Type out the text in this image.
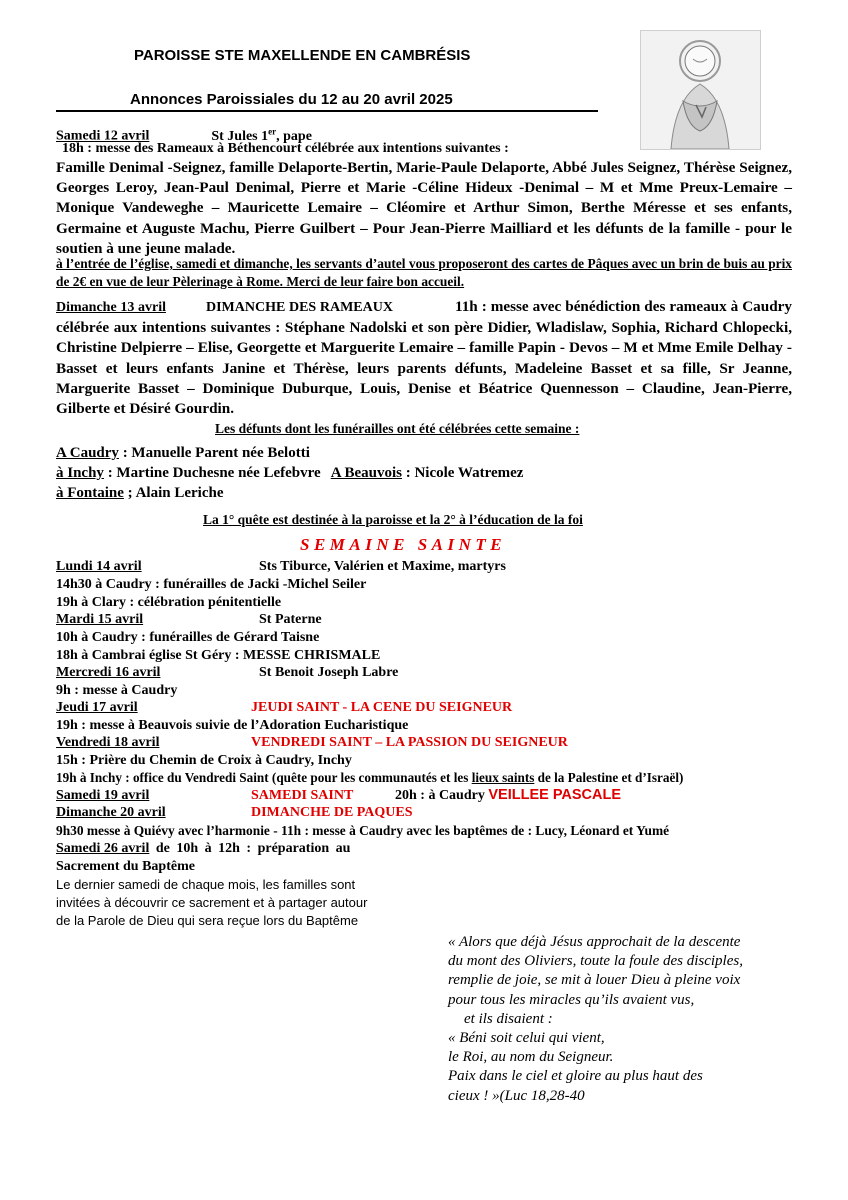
PAROISSE STE MAXELLENDE EN CAMBRÉSIS
Annonces Paroissiales du 12 au 20 avril 2025
Samedi 12 avril	St Jules 1er, pape
18h : messe des Rameaux à Béthencourt célébrée aux intentions suivantes :
Famille Denimal -Seignez, famille Delaporte-Bertin, Marie-Paule Delaporte, Abbé Jules Seignez, Thérèse Seignez, Georges Leroy, Jean-Paul Denimal, Pierre et Marie -Céline Hideux -Denimal – M et Mme Preux-Lemaire – Monique Vandeweghe – Mauricette Lemaire – Cléomire et Arthur Simon, Berthe Méresse et ses enfants, Germaine et Auguste Machu, Pierre Guilbert – Pour Jean-Pierre Mailliard et les défunts de la famille - pour le soutien à une jeune malade.
à l’entrée de l’église, samedi et dimanche, les servants d’autel vous proposeront des cartes de Pâques avec un brin de buis au prix de 2€ en vue de leur Pèlerinage à Rome. Merci de leur faire bon accueil.
Dimanche 13 avril	DIMANCHE DES RAMEAUX	11h : messe avec bénédiction des rameaux à Caudry célébrée aux intentions suivantes : Stéphane Nadolski et son père Didier, Wladislaw, Sophia, Richard Chlopecki, Christine Delpierre – Elise, Georgette et Marguerite Lemaire – famille Papin - Devos – M et Mme Emile Delhay -Basset et leurs enfants Janine et Thérèse, leurs parents défunts, Madeleine Basset et sa fille, Sr Jeanne, Marguerite Basset – Dominique Duburque, Louis, Denise et Béatrice Quennesson – Claudine, Jean-Pierre, Gilberte et Désiré Gourdin.
Les défunts dont les funérailles ont été célébrées cette semaine :
A Caudry : Manuelle Parent née Belotti
à Inchy : Martine Duchesne née Lefebvre A Beauvois : Nicole Watremez
à Fontaine ; Alain Leriche
La 1° quête est destinée à la paroisse et la 2° à l’éducation de la foi
SEMAINE SAINTE
Lundi 14 avril	Sts Tiburce, Valérien et Maxime, martyrs
14h30 à Caudry : funérailles de Jacki -Michel Seiler
19h à Clary : célébration pénitentielle
Mardi 15 avril	St Paterne
10h à Caudry : funérailles de Gérard Taisne
18h à Cambrai église St Géry : MESSE CHRISMALE
Mercredi 16 avril	St Benoit Joseph Labre
9h : messe à Caudry
Jeudi 17 avril	JEUDI SAINT - LA CENE DU SEIGNEUR
19h : messe à Beauvois suivie de l’Adoration Eucharistique
Vendredi 18 avril	VENDREDI SAINT – LA PASSION DU SEIGNEUR
15h : Prière du Chemin de Croix à Caudry, Inchy
19h à Inchy : office du Vendredi Saint (quête pour les communautés et les lieux saints de la Palestine et d’Israël)
Samedi 19 avril	SAMEDI SAINT	20h : à Caudry VEILLEE PASCALE
Dimanche 20 avril	DIMANCHE DE PAQUES
9h30 messe à Quiévy avec l’harmonie - 11h : messe à Caudry avec les baptêmes de : Lucy, Léonard et Yumé
Samedi 26 avril de 10h à 12h : préparation au
Sacrement du Baptême
Le dernier samedi de chaque mois, les familles sont
invitées à découvrir ce sacrement et à partager autour
de la Parole de Dieu qui sera reçue lors du Baptême
« Alors que déjà Jésus approchait de la descente
du mont des Oliviers, toute la foule des disciples,
remplie de joie, se mit à louer Dieu à pleine voix
pour tous les miracles qu’ils avaient vus,
et ils disaient :
« Béni soit celui qui vient,
le Roi, au nom du Seigneur.
Paix dans le ciel et gloire au plus haut des
cieux ! »(Luc 18,28-40
